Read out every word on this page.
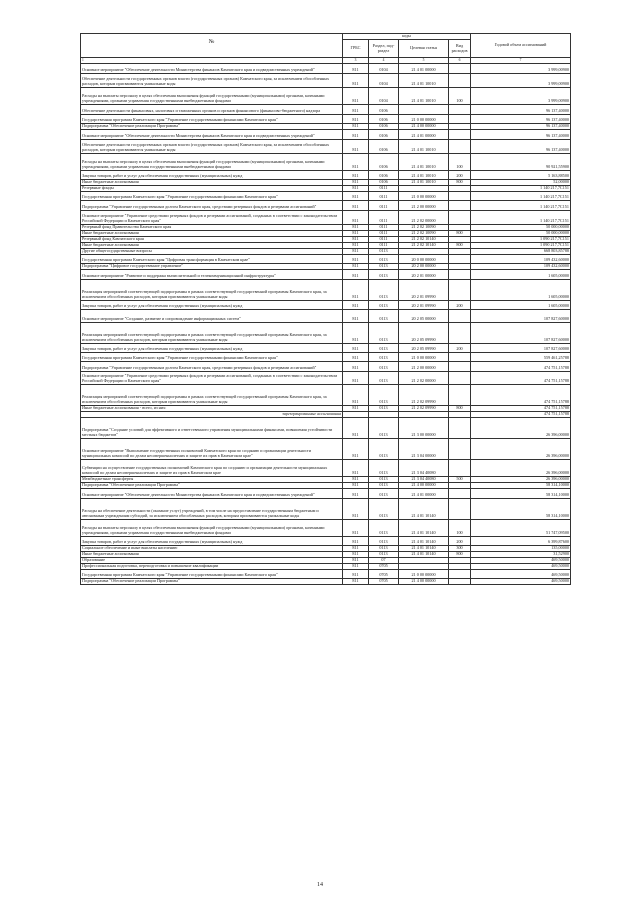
№	коды				Годовой объем ассигнований
	ГРБС	Раздел, под-раздел	Целевая статья	Вид расходов	
1	3	4	5	6	7
Основное мероприятие "Обеспечение деятельности Министерства финансов Камчатского края и подведомственных учреждений"	811	0104	21 4 01 00000		3 999,00900
Обеспечение деятельности государственных органов власти (государственных органов) Камчатского края, за исключением обособленных расходов, которым присваиваются уникальные коды	811	0104	21 4 01 10010		3 999,00900
Расходы на выплаты персоналу в целях обеспечения выполнения функций государственными (муниципальными) органами, казенными учреждениями, органами управления государственными внебюджетными фондами	811	0104	21 4 01 10010	100	3 999,00900
Обеспечение деятельности финансовых, налоговых и таможенных органов и органов финансового (финансово-бюджетного) надзора	811	0106			96 137,40000
Государственная программа Камчатского края "Управление государственными финансами Камчатского края"	811	0106	21 0 00 00000		96 137,40000
Подпрограмма "Обеспечение реализации Программы"	811	0106	21 4 00 00000		96 137,40000
Основное мероприятие "Обеспечение деятельности Министерства финансов Камчатского края и подведомственных учреждений"	811	0106	21 4 01 00000		96 137,40000
Обеспечение деятельности государственных органов власти (государственных органов) Камчатского края, за исключением обособленных расходов, которым присваиваются уникальные коды	811	0106	21 4 01 10010		96 137,40000
Расходы на выплаты персоналу в целях обеспечения выполнения функций государственными (муниципальными) органами, казенными учреждениями, органами управления государственными внебюджетными фондами	811	0106	21 4 01 10010	100	90 921,55900
Закупка товаров, работ и услуг для обеспечения государственных (муниципальных) нужд	811	0106	21 4 01 10010	200	5 163,88500
Иные бюджетные ассигнования	811	0106	21 4 01 10010	800	52,00000
Резервные фонды	811	0111			1 140 217,7С151
Государственная программа Камчатского края "Управление государственными финансами Камчатского края"	811	0111	21 0 00 00000		1 140 217,7С151
Подпрограмма "Управление государственным долгом Камчатского края, средствами резервных фондов и резервами ассигнований"	811	0111	21 2 00 00000		1 140 217,7С151
Основное мероприятие "Управление средствами резервных фондов и резервами ассигнований, созданных в соответствии с законодательством Российской Федерации и Камчатского края"	811	0111	21 2 02 00000		1 140 217,7С151
Резервный фонд Правительства Камчатского края	811	0111	21 2 02 10090		50 000,00000
Иные бюджетные ассигнования	811	0111	21 2 02 10090	800	50 000,00000
Резервный фонд Камчатского края	811	0111	21 2 02 10140		1 090 217,7С151
Иные бюджетные ассигнования	811	0111	21 2 02 10140	800	1 090 217,7С151
Другие общегосударственные вопросы	811	0113			668 803,85788
Государственная программа Камчатского края "Цифровая трансформация в Камчатском крае"	811	0113	20 0 00 00000		109 432,60000
Подпрограмма "Цифровое государственное управление"	811	0113	20 2 00 00000		109 432,60000
Основное мероприятие "Развитие и поддержка вычислительной и телекоммуникационной инфраструктуры"	811	0113	20 2 01 00000		1 605,00000
Реализация мероприятий соответствующей подпрограммы в рамках соответствующей государственной программы Камчатского края, за исключением обособленных расходов, которым присваиваются уникальные коды	811	0113	20 2 01 09990		1 605,00000
Закупка товаров, работ и услуг для обеспечения государственных (муниципальных) нужд	811	0113	20 2 01 09990	200	1 605,00000
Основное мероприятие "Создание, развитие и сопровождение информационных систем"	811	0113	20 2 05 00000		107 827,60000
Реализация мероприятий соответствующей подпрограммы в рамках соответствующей государственной программы Камчатского края, за исключением обособленных расходов, которым присваиваются уникальные коды	811	0113	20 2 05 09990		107 827,60000
Закупка товаров, работ и услуг для обеспечения государственных (муниципальных) нужд	811	0113	20 2 05 09990	200	107 827,60000
Государственная программа Камчатского края "Управление государственными финансами Камчатского края"	811	0113	21 0 00 00000		559 461,25788
Подпрограмма "Управление государственным долгом Камчатского края, средствами резервных фондов и резервами ассигнований"	811	0113	21 2 00 00000		474 751,15788
Основное мероприятие "Управление средствами резервных фондов и резервами ассигнований, созданных в соответствии с законодательством Российской Федерации и Камчатского края"	811	0113	21 2 02 00000		474 751,15788
Реализация мероприятий соответствующей подпрограммы в рамках соответствующей государственной программы Камчатского края, за исключением обособленных расходов, которым присваиваются уникальные коды	811	0113	21 2 02 09990		474 751,15788
Иные бюджетные ассигнования - всего, из них:	811	0113	21 2 02 09990	800	474 751,15788
зарезервированные ассигнования					474 751,15788
Подпрограмма "Создание условий для эффективного и ответственного управления муниципальными финансами, повышения устойчивости местных бюджетов"	811	0113	21 3 00 00000		26 396,00000
Основное мероприятие "Выполнение государственных полномочий Камчатского края по созданию и организации деятельности муниципальных комиссий по делам несовершеннолетних и защите их прав в Камчатском крае"	811	0113	21 3 04 00000		26 396,00000
Субвенции на осуществление государственных полномочий Камчатского края по созданию и организации деятельности муниципальных комиссий по делам несовершеннолетних и защите их прав в Камчатском крае	811	0113	21 3 04 40080		26 396,00000
Межбюджетные трансферты	811	0113	21 3 04 40080	500	26 396,00000
Подпрограмма "Обеспечение реализации Программы"	811	0113	21 4 00 00000		58 314,10000
Основное мероприятие "Обеспечение деятельности Министерства финансов Камчатского края и подведомственных учреждений"	811	0113	21 4 01 00000		58 314,10000
Расходы на обеспечение деятельности (оказание услуг) учреждений, в том числе на предоставление государственным бюджетным и автономным учреждениям субсидий, за исключением обособленных расходов, которым присваиваются уникальные коды	811	0113	21 4 01 10140		58 314,10000
Расходы на выплаты персоналу в целях обеспечения выполнения функций государственными (муниципальными) органами, казенными учреждениями, органами управления государственными внебюджетными фондами	811	0113	21 4 01 10140	100	51 747,09500
Закупка товаров, работ и услуг для обеспечения государственных (муниципальных) нужд	811	0113	21 4 01 10140	200	6 399,87600
Социальное обеспечение и иные выплаты населению	811	0113	21 4 01 10140	300	135,00000
Иные бюджетные ассигнования	811	0113	21 4 01 10140	800	31,52900
Образование	811	07			469,50000
Профессиональная подготовка, переподготовка и повышение квалификации	811	0705			469,50000
Государственная программа Камчатского края "Управление государственными финансами Камчатского края"	811	0705	21 0 00 00000		469,50000
Подпрограмма "Обеспечение реализации Программы"	811	0705	21 4 00 00000		469,50000
14
